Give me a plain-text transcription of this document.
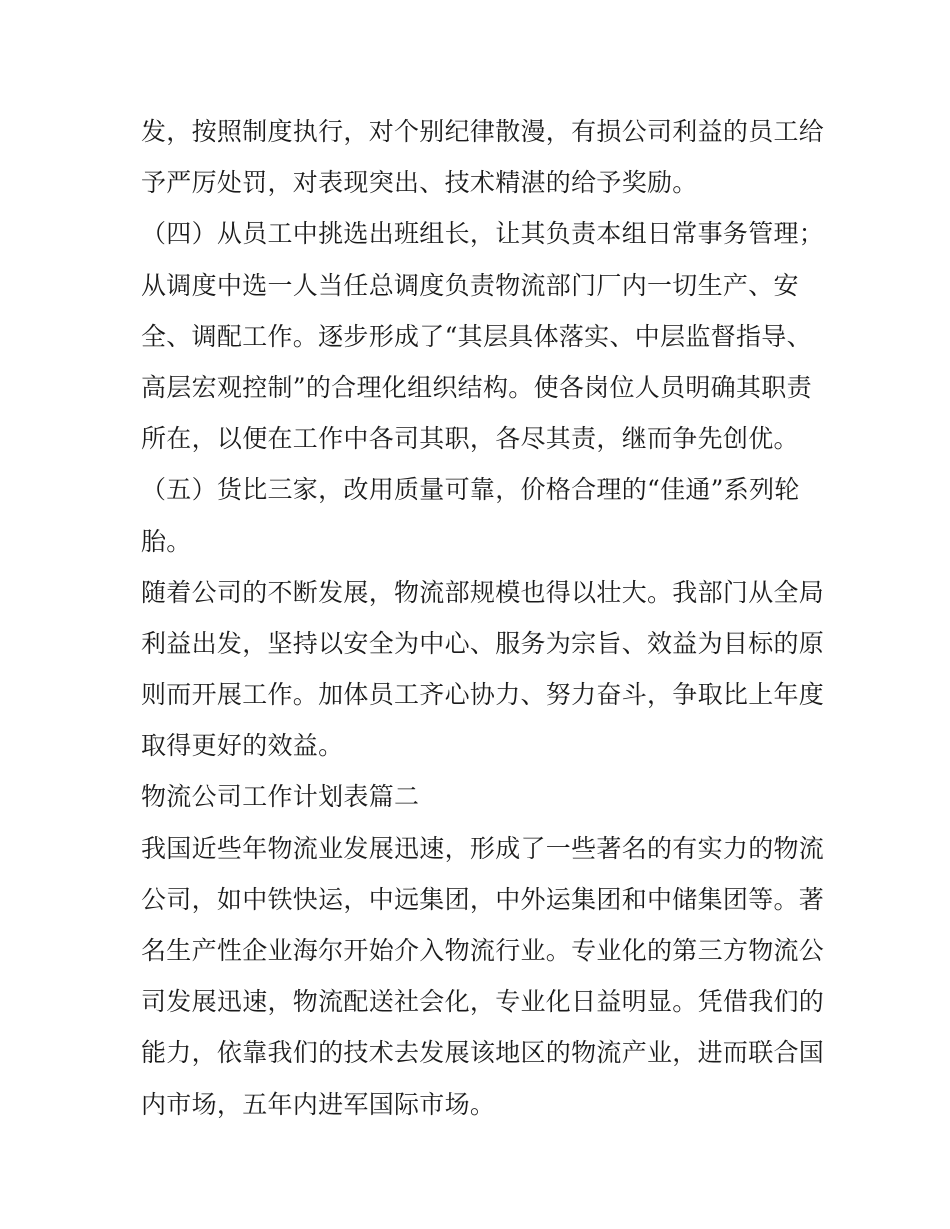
发，按照制度执行，对个别纪律散漫，有损公司利益的员工给
予严厉处罚，对表现突出、技术精湛的给予奖励。
（四）从员工中挑选出班组长，让其负责本组日常事务管理；
从调度中选一人当任总调度负责物流部门厂内一切生产、安
全、调配工作。逐步形成了“其层具体落实、中层监督指导、
高层宏观控制”的合理化组织结构。使各岗位人员明确其职责
所在，以便在工作中各司其职，各尽其责，继而争先创优。
（五）货比三家，改用质量可靠，价格合理的“佳通”系列轮
胎。
随着公司的不断发展，物流部规模也得以壮大。我部门从全局
利益出发，坚持以安全为中心、服务为宗旨、效益为目标的原
则而开展工作。加体员工齐心协力、努力奋斗，争取比上年度
取得更好的效益。
物流公司工作计划表篇二
我国近些年物流业发展迅速，形成了一些著名的有实力的物流
公司，如中铁快运，中远集团，中外运集团和中储集团等。著
名生产性企业海尔开始介入物流行业。专业化的第三方物流公
司发展迅速，物流配送社会化，专业化日益明显。凭借我们的
能力，依靠我们的技术去发展该地区的物流产业，进而联合国
内市场，五年内进军国际市场。
